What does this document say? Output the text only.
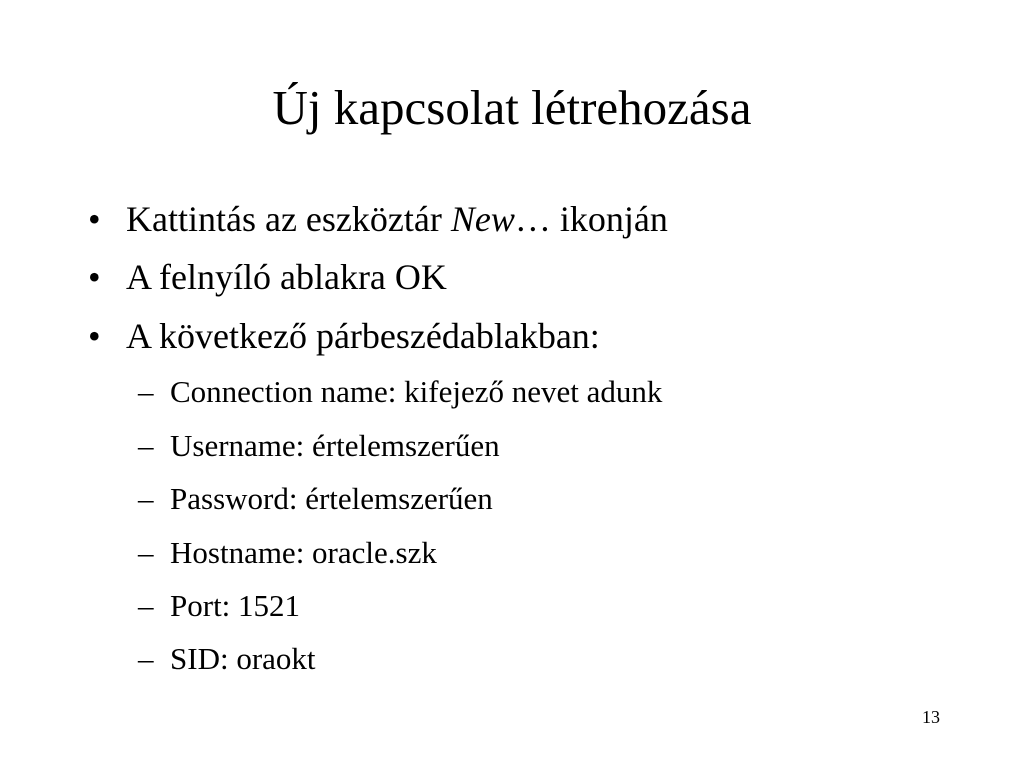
Új kapcsolat létrehozása
• Kattintás az eszköztár New… ikonján
• A felnyíló ablakra OK
• A következő párbeszédablakban:
– Connection name: kifejező nevet adunk
– Username: értelemszerűen
– Password: értelemszerűen
– Hostname: oracle.szk
– Port: 1521
– SID: oraokt
13
